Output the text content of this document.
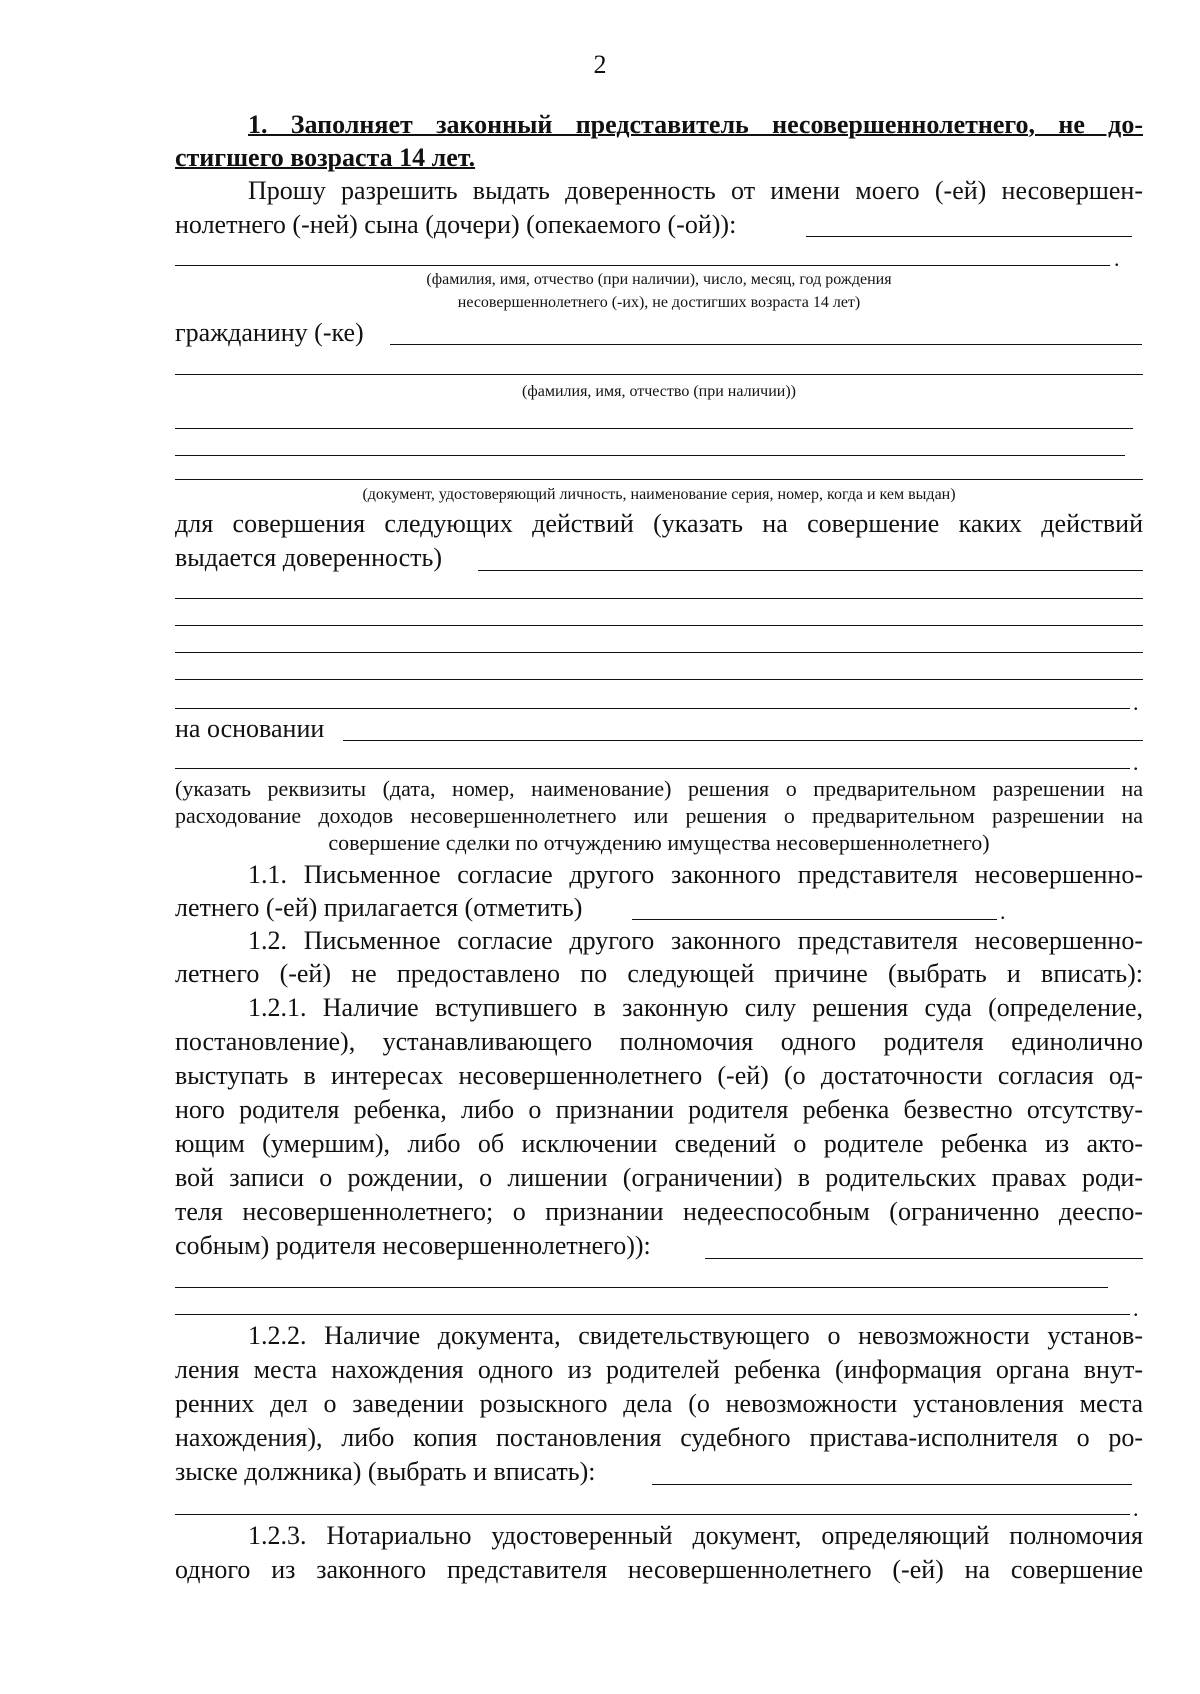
2
1. Заполняет законный представитель несовершеннолетнего, не до-
стигшего возраста 14 лет.
Прошу разрешить выдать доверенность от имени моего (-ей) несовершен-
нолетнего (-ней) сына (дочери) (опекаемого (-ой)):
.
(фамилия, имя, отчество (при наличии), число, месяц, год рождения
несовершеннолетнего (-их), не достигших возраста 14 лет)
гражданину (-ке)
(фамилия, имя, отчество (при наличии))
(документ, удостоверяющий личность, наименование серия, номер, когда и кем выдан)
для совершения следующих действий (указать на совершение каких действий
выдается доверенность)
.
на основании
.
(указать реквизиты (дата, номер, наименование) решения о предварительном разрешении на
расходование доходов несовершеннолетнего или решения о предварительном разрешении на
совершение сделки по отчуждению имущества несовершеннолетнего)
1.1. Письменное согласие другого законного представителя несовершенно-
летнего (-ей) прилагается (отметить)	.
1.2. Письменное согласие другого законного представителя несовершенно-
летнего (-ей) не предоставлено по следующей причине (выбрать и вписать):
1.2.1. Наличие вступившего в законную силу решения суда (определение,
постановление), устанавливающего полномочия одного родителя единолично
выступать в интересах несовершеннолетнего (-ей) (о достаточности согласия од-
ного родителя ребенка, либо о признании родителя ребенка безвестно отсутству-
ющим (умершим), либо об исключении сведений о родителе ребенка из акто-
вой записи о рождении, о лишении (ограничении) в родительских правах роди-
теля несовершеннолетнего; о признании недееспособным (ограниченно дееспо-
собным) родителя несовершеннолетнего)):
.
1.2.2. Наличие документа, свидетельствующего о невозможности установ-
ления места нахождения одного из родителей ребенка (информация органа внут-
ренних дел о заведении розыскного дела (о невозможности установления места
нахождения), либо копия постановления судебного пристава-исполнителя о ро-
зыске должника) (выбрать и вписать):
.
1.2.3. Нотариально удостоверенный документ, определяющий полномочия
одного из законного представителя несовершеннолетнего (-ей) на совершение
